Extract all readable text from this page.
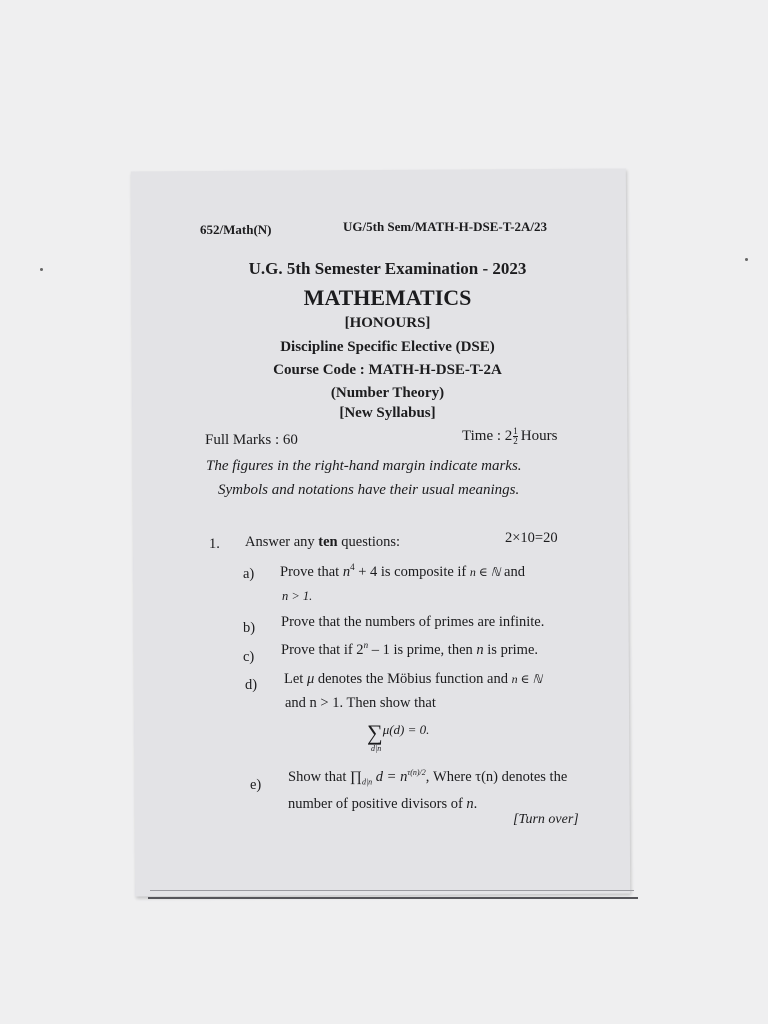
652/Math(N)	UG/5th Sem/MATH-H-DSE-T-2A/23
U.G. 5th Semester Examination - 2023
MATHEMATICS
[HONOURS]
Discipline Specific Elective (DSE)
Course Code : MATH-H-DSE-T-2A
(Number Theory)
[New Syllabus]
Full Marks : 60	Time : $2 \frac{1}{2}$ Hours
The figures in the right-hand margin indicate marks.
Symbols and notations have their usual meanings.
1. Answer any ten questions:	2×10=20
a) Prove that $n^4 + 4$ is composite if n ∈ ℕ and
n > 1.
b) Prove that the numbers of primes are infinite.
c) Prove that if 2$^n$ – 1 is prime, then n is prime.
d) Let μ denotes the Möbius function and n ∈ ℕ
and n > 1. Then show that
∑$^{\mu(d) = 0.}$
d|n
e)
Show that $\prod_{d|n}$ $d = n^{\tau(n)/2}$, Where τ(n) denotes the
number of positive divisors of n.
[Turn over]
